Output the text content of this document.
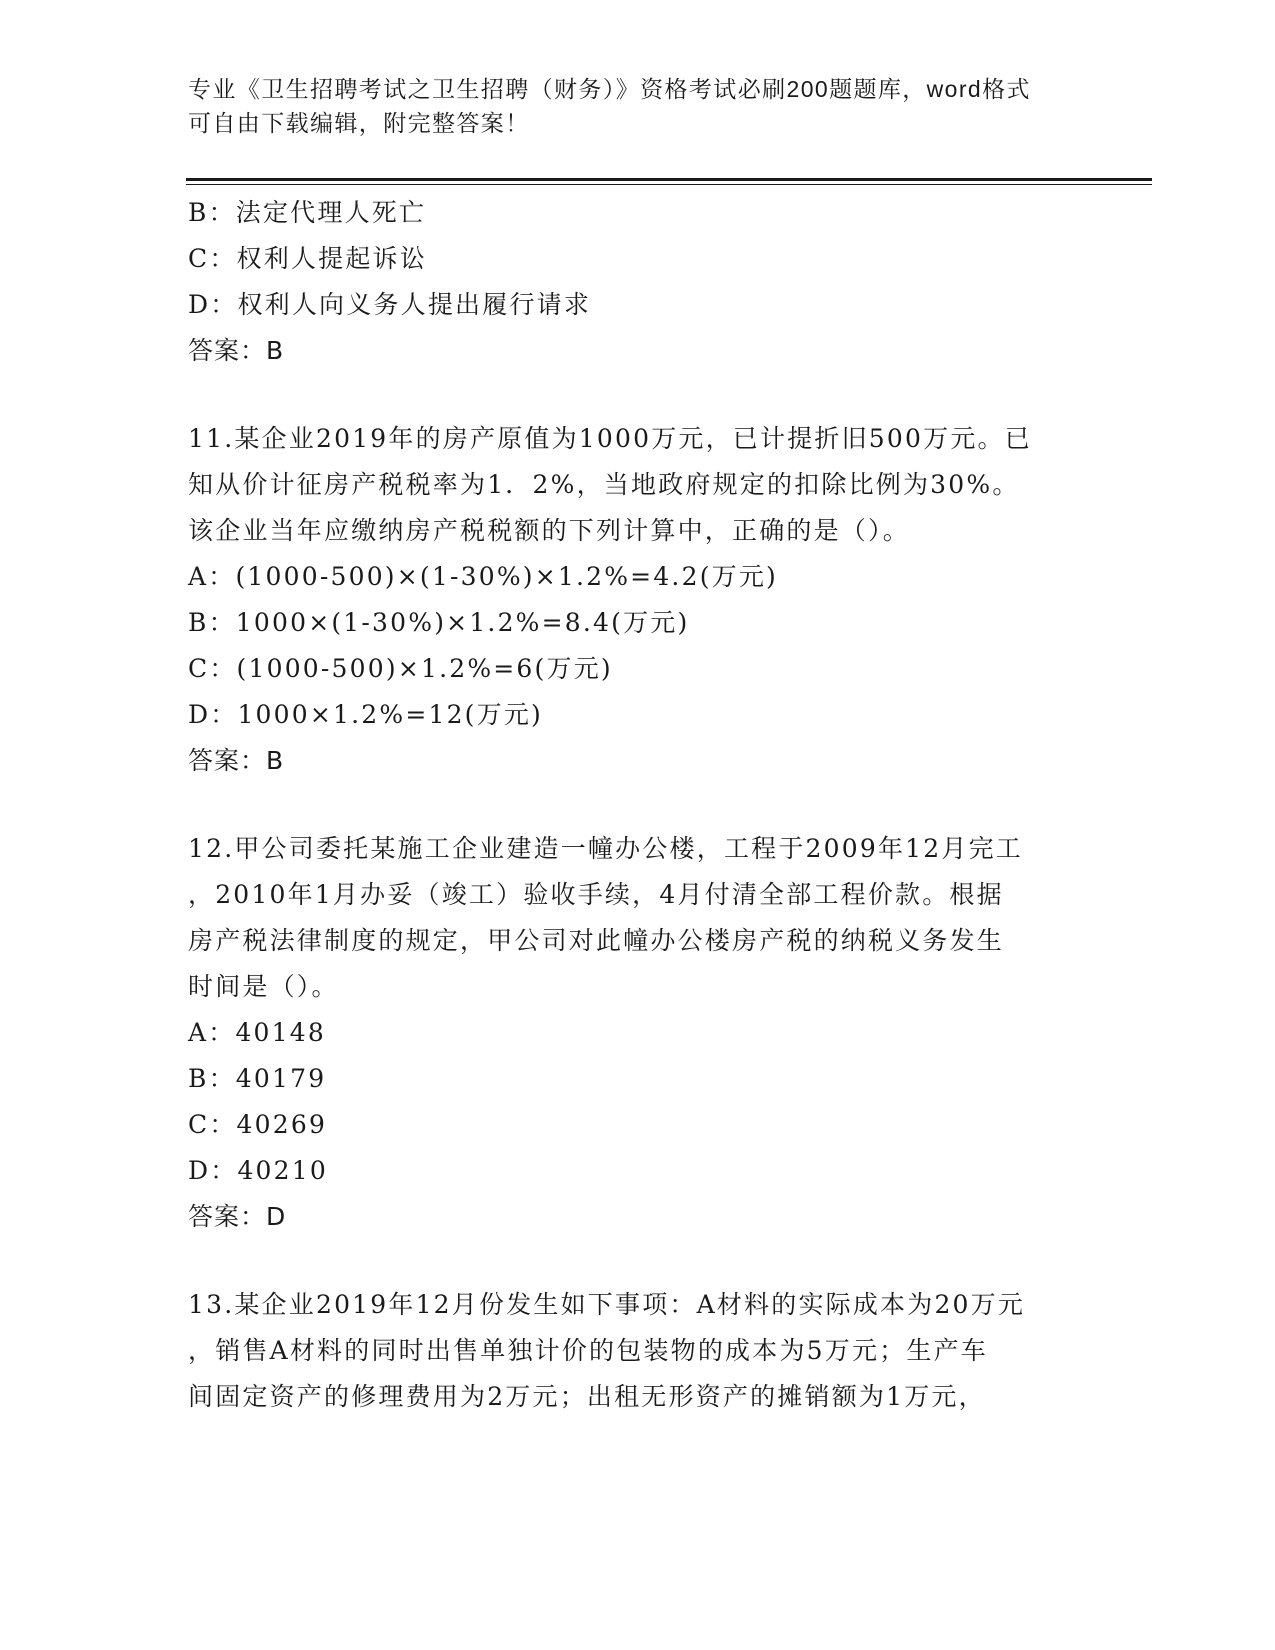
专业《卫生招聘考试之卫生招聘（财务）》资格考试必刷200题题库，word格式
可自由下载编辑，附完整答案！
B：法定代理人死亡
C：权利人提起诉讼
D：权利人向义务人提出履行请求
答案：B
11.某企业2019年的房产原值为1000万元，已计提折旧500万元。已
知从价计征房产税税率为1．2%，当地政府规定的扣除比例为30%。
该企业当年应缴纳房产税税额的下列计算中，正确的是（）。
A：(1000-500)×(1-30%)×1.2%=4.2(万元)
B：1000×(1-30%)×1.2%=8.4(万元)
C：(1000-500)×1.2%=6(万元)
D：1000×1.2%=12(万元)
答案：B
12.甲公司委托某施工企业建造一幢办公楼，工程于2009年12月完工
，2010年1月办妥（竣工）验收手续，4月付清全部工程价款。根据
房产税法律制度的规定，甲公司对此幢办公楼房产税的纳税义务发生
时间是（）。
A：40148
B：40179
C：40269
D：40210
答案：D
13.某企业2019年12月份发生如下事项：A材料的实际成本为20万元
，销售A材料的同时出售单独计价的包装物的成本为5万元；生产车
间固定资产的修理费用为2万元；出租无形资产的摊销额为1万元，
